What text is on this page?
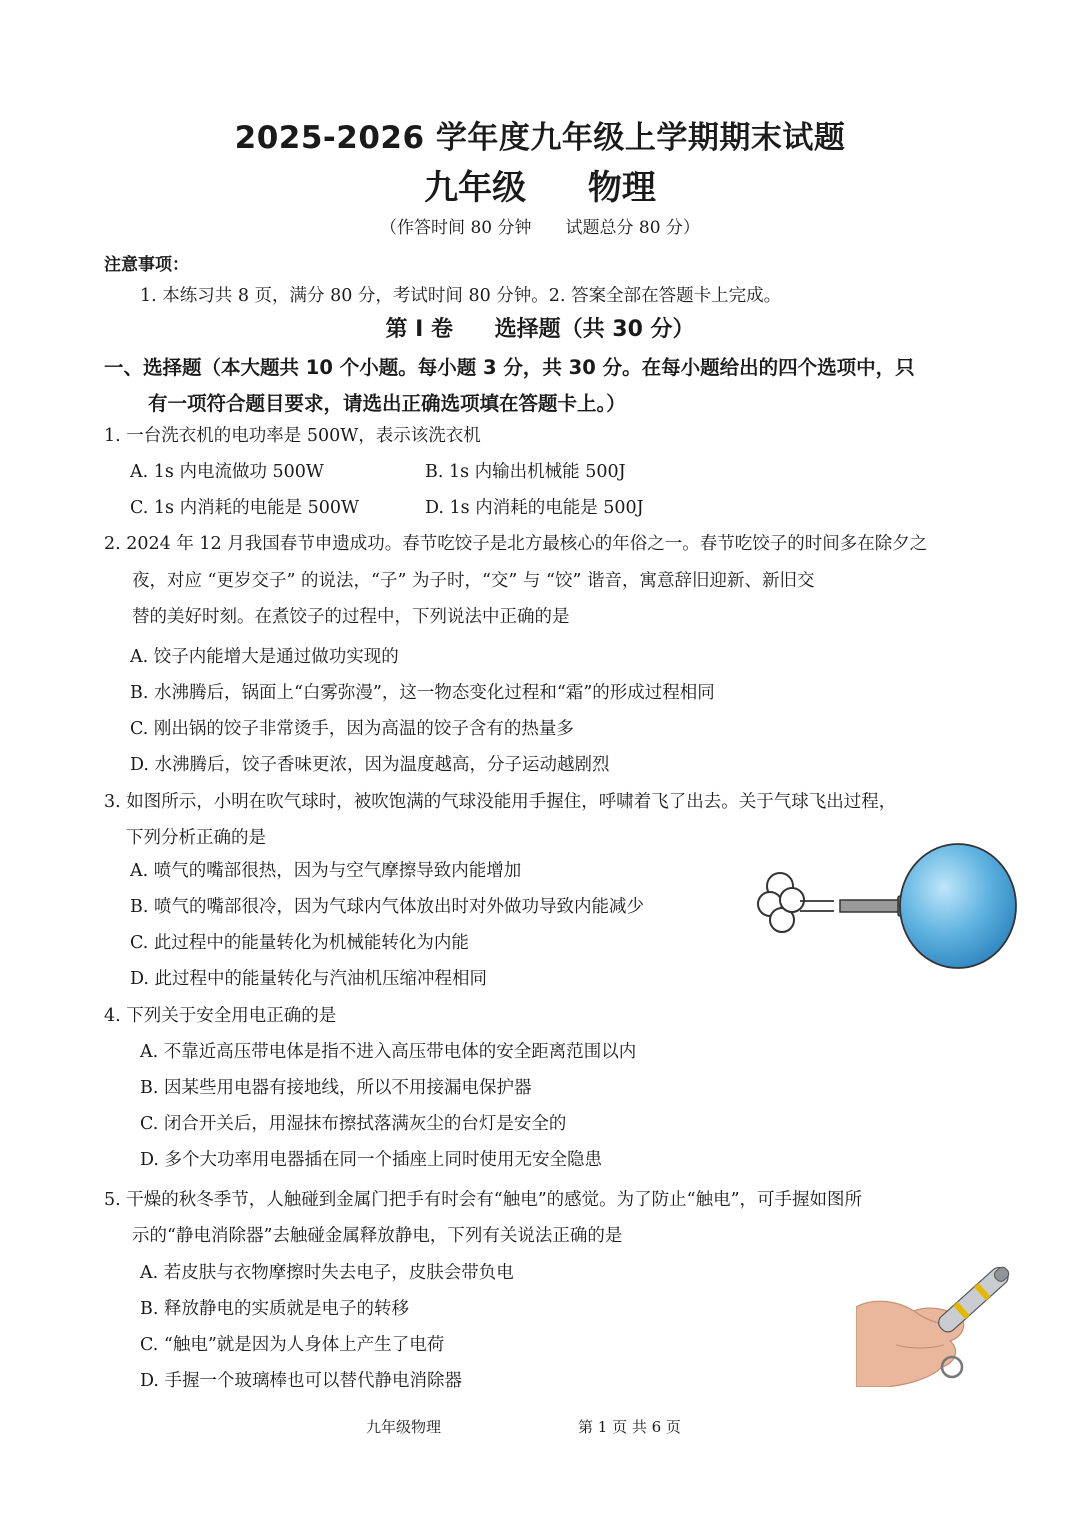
2025-2026 学年度九年级上学期期末试题
九年级 物理
（作答时间 80 分钟　　试题总分 80 分）
注意事项：
1. 本练习共 8 页，满分 80 分，考试时间 80 分钟。2. 答案全部在答题卡上完成。
第 I 卷 选择题（共 30 分）
一、选择题（本大题共 10 个小题。每小题 3 分，共 30 分。在每小题给出的四个选项中，只
有一项符合题目要求，请选出正确选项填在答题卡上。）
1. 一台洗衣机的电功率是 500W，表示该洗衣机
A. 1s 内电流做功 500W	B. 1s 内输出机械能 500J
C. 1s 内消耗的电能是 500W	D. 1s 内消耗的电能是 500J
2. 2024 年 12 月我国春节申遗成功。春节吃饺子是北方最核心的年俗之一。春节吃饺子的时间多在除夕之
夜，对应 “更岁交子” 的说法，“子” 为子时，“交” 与 “饺” 谐音，寓意辞旧迎新、新旧交
替的美好时刻。在煮饺子的过程中，下列说法中正确的是
A. 饺子内能增大是通过做功实现的
B. 水沸腾后，锅面上“白雾弥漫”，这一物态变化过程和“霜”的形成过程相同
C. 刚出锅的饺子非常烫手，因为高温的饺子含有的热量多
D. 水沸腾后，饺子香味更浓，因为温度越高，分子运动越剧烈
3. 如图所示，小明在吹气球时，被吹饱满的气球没能用手握住，呼啸着飞了出去。关于气球飞出过程，
下列分析正确的是
A. 喷气的嘴部很热，因为与空气摩擦导致内能增加
B. 喷气的嘴部很冷，因为气球内气体放出时对外做功导致内能减少
C. 此过程中的能量转化为机械能转化为内能
D. 此过程中的能量转化与汽油机压缩冲程相同
4. 下列关于安全用电正确的是
A. 不靠近高压带电体是指不进入高压带电体的安全距离范围以内
B. 因某些用电器有接地线，所以不用接漏电保护器
C. 闭合开关后，用湿抹布擦拭落满灰尘的台灯是安全的
D. 多个大功率用电器插在同一个插座上同时使用无安全隐患
5. 干燥的秋冬季节，人触碰到金属门把手有时会有“触电”的感觉。为了防止“触电”，可手握如图所
示的“静电消除器”去触碰金属释放静电，下列有关说法正确的是
A. 若皮肤与衣物摩擦时失去电子，皮肤会带负电
B. 释放静电的实质就是电子的转移
C. “触电”就是因为人身体上产生了电荷
D. 手握一个玻璃棒也可以替代静电消除器
九年级物理	第 1 页 共 6 页
